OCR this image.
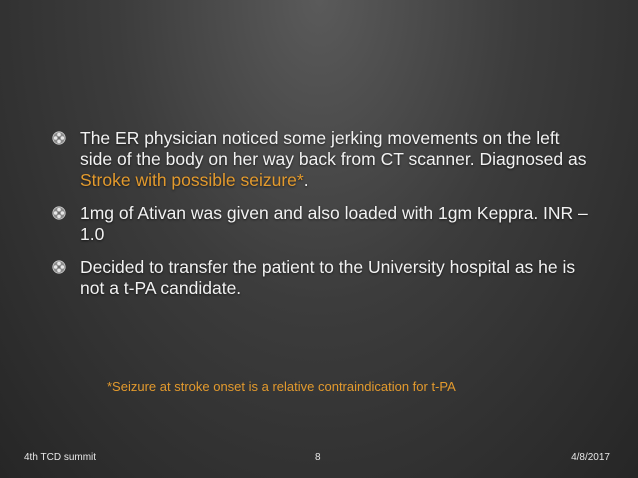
The ER physician noticed some jerking movements on the left side of the body on her way back from CT scanner. Diagnosed as Stroke with possible seizure*.
1mg of Ativan was given and also loaded with 1gm Keppra. INR – 1.0
Decided to transfer the patient to the University hospital as he is not a t-PA candidate.
*Seizure at stroke onset is a relative contraindication for t-PA
4th TCD summit	8	4/8/2017
